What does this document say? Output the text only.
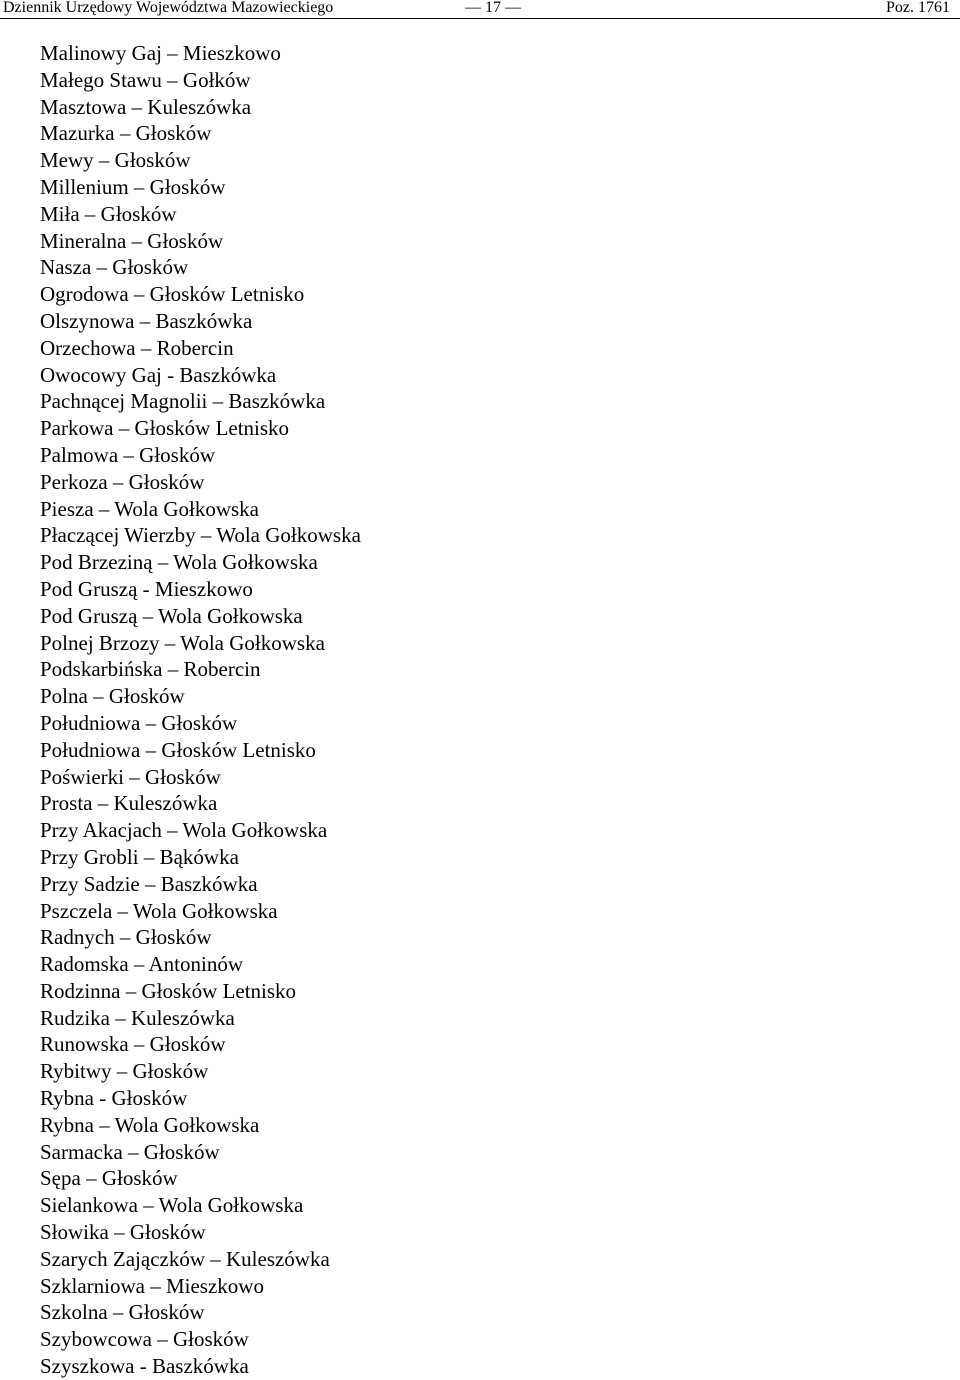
Dziennik Urzędowy Województwa Mazowieckiego	— 17 —	Poz. 1761
Malinowy Gaj – Mieszkowo
Małego Stawu – Gołków
Masztowa – Kuleszówka
Mazurka – Głosków
Mewy – Głosków
Millenium – Głosków
Miła – Głosków
Mineralna – Głosków
Nasza – Głosków
Ogrodowa – Głosków Letnisko
Olszynowa – Baszkówka
Orzechowa – Robercin
Owocowy Gaj - Baszkówka
Pachnącej Magnolii – Baszkówka
Parkowa – Głosków Letnisko
Palmowa – Głosków
Perkoza – Głosków
Piesza – Wola Gołkowska
Płaczącej Wierzby – Wola Gołkowska
Pod Brzeziną – Wola Gołkowska
Pod Gruszą - Mieszkowo
Pod Gruszą – Wola Gołkowska
Polnej Brzozy – Wola Gołkowska
Podskarbińska – Robercin
Polna – Głosków
Południowa – Głosków
Południowa – Głosków Letnisko
Poświerki – Głosków
Prosta – Kuleszówka
Przy Akacjach – Wola Gołkowska
Przy Grobli – Bąkówka
Przy Sadzie – Baszkówka
Pszczela – Wola Gołkowska
Radnych – Głosków
Radomska – Antoninów
Rodzinna – Głosków Letnisko
Rudzika – Kuleszówka
Runowska – Głosków
Rybitwy – Głosków
Rybna - Głosków
Rybna – Wola Gołkowska
Sarmacka – Głosków
Sępa – Głosków
Sielankowa – Wola Gołkowska
Słowika – Głosków
Szarych Zajączków – Kuleszówka
Szklarniowa – Mieszkowo
Szkolna – Głosków
Szybowcowa – Głosków
Szyszkowa - Baszkówka
